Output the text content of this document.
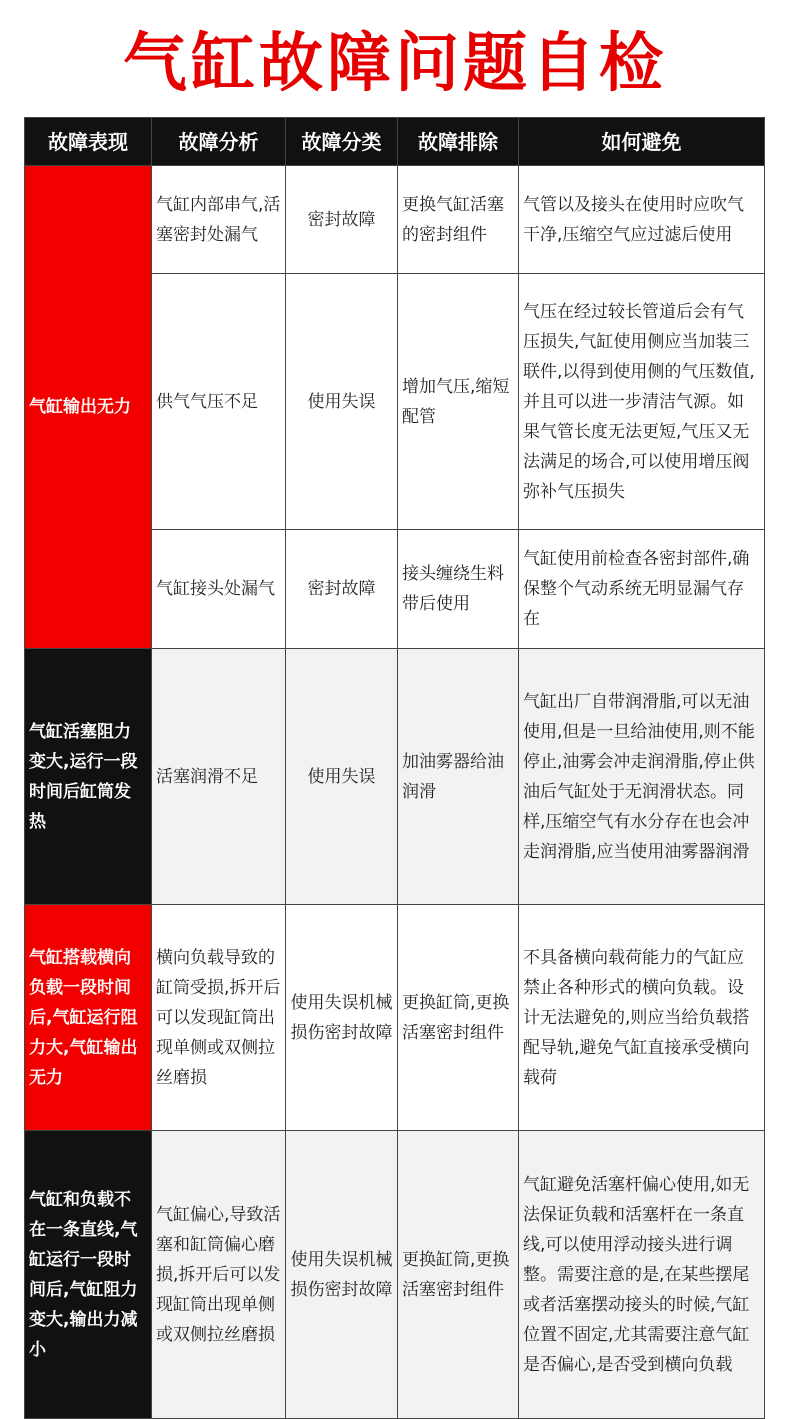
气缸故障问题自检
故障表现	故障分析	故障分类	故障排除	如何避免
气缸输出无力	气缸内部串气,活塞密封处漏气	密封故障	更换气缸活塞的密封组件	气管以及接头在使用时应吹气干净,压缩空气应过滤后使用
	供气气压不足	使用失误	增加气压,缩短配管	气压在经过较长管道后会有气压损失,气缸使用侧应当加装三联件,以得到使用侧的气压数值,并且可以进一步清洁气源。如果气管长度无法更短,气压又无法满足的场合,可以使用增压阀弥补气压损失
	气缸接头处漏气	密封故障	接头缠绕生料带后使用	气缸使用前检查各密封部件,确保整个气动系统无明显漏气存在
气缸活塞阻力变大,运行一段时间后缸筒发热	活塞润滑不足	使用失误	加油雾器给油润滑	气缸出厂自带润滑脂,可以无油使用,但是一旦给油使用,则不能停止,油雾会冲走润滑脂,停止供油后气缸处于无润滑状态。同样,压缩空气有水分存在也会冲走润滑脂,应当使用油雾器润滑
气缸搭载横向负载一段时间后,气缸运行阻力大,气缸输出无力	横向负载导致的缸筒受损,拆开后可以发现缸筒出现单侧或双侧拉丝磨损	使用失误机械损伤密封故障	更换缸筒,更换活塞密封组件	不具备横向载荷能力的气缸应禁止各种形式的横向负载。设计无法避免的,则应当给负载搭配导轨,避免气缸直接承受横向载荷
气缸和负载不在一条直线,气缸运行一段时间后,气缸阻力变大,输出力减小	气缸偏心,导致活塞和缸筒偏心磨损,拆开后可以发现缸筒出现单侧或双侧拉丝磨损	使用失误机械损伤密封故障	更换缸筒,更换活塞密封组件	气缸避免活塞杆偏心使用,如无法保证负载和活塞杆在一条直线,可以使用浮动接头进行调整。需要注意的是,在某些摆尾或者活塞摆动接头的时候,气缸位置不固定,尤其需要注意气缸是否偏心,是否受到横向负载
